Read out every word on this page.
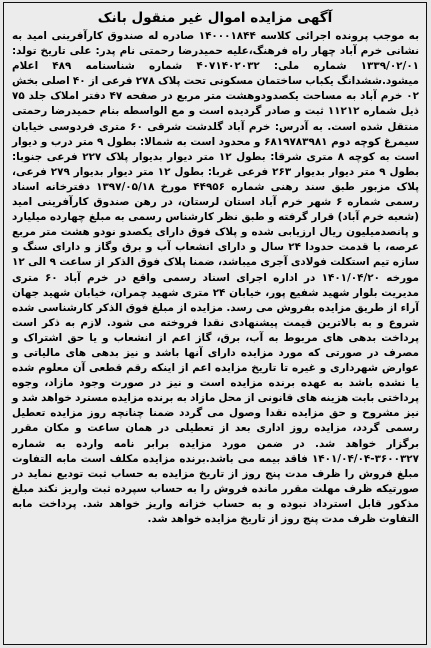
آگهی مزایده اموال غیر منقول بانک

به موجب پرونده اجرائی کلاسه ۱۴۰۰۰۱۸۴۴ صادره له صندوق کارآفرینی امید به نشانی خرم آباد چهار راه فرهنگ،علیه حمیدرضا رحمتی نام پدر: علی تاریخ تولد: ۱۳۳۹/۰۲/۰۱ شماره ملی: ۴۰۷۱۴۰۲۰۳۲ شماره شناسنامه ۴۸۹ اعلام میشود.ششدانگ یکباب ساختمان مسکونی تحت پلاک ۲۷۸ فرعی از ۴۰ اصلی بخش ۰۲ خرم آباد به مساحت یکصدودوهشت متر مربع در صفحه ۴۷ دفتر املاک جلد ۷۵ ذیل شماره ۱۱۲۱۲ ثبت و صادر گردیده است و مع الواسطه بنام حمیدرضا رحمتی منتقل شده است. به آدرس: خرم آباد گلدشت شرقی ۶۰ متری فردوسی خیابان سیمرغ کوچه دوم ۶۸۱۹۷۸۳۹۸۱ و محدود است به شمالا: بطول ۹ متر درب و دیوار است به کوچه ۸ متری شرقا: بطول ۱۲ متر دیوار بدیوار پلاک ۲۲۷ فرعی جنوبا: بطول ۹ متر دیوار بدیوار ۲۶۳ فرعی غربا: بطول ۱۲ متر دیوار بدیوار ۲۷۹ فرعی، پلاک مزبور طبق سند رهنی شماره ۴۴۹۵۶ مورخ ۱۳۹۷/۰۵/۱۸ دفترخانه اسناد رسمی شماره ۶ شهر خرم آباد استان لرستان، در رهن صندوق کارآفرینی امید (شعبه خرم آباد) قرار گرفته و طبق نظر کارشناس رسمی به مبلغ چهارده میلیارد و پانصدمیلیون ریال ارزیابی شده و پلاک فوق دارای یکصدو نودو هشت متر مربع عرصه، با قدمت حدودا ۲۴ سال و دارای انشعاب آب و برق وگاز و دارای سنگ و سازه تیم استکلت فولادی آجری میباشد، ضمنا پلاک فوق الذکر از ساعت ۹ الی ۱۲ مورخه ۱۴۰۱/۰۴/۲۰ در اداره اجرای اسناد رسمی واقع در خرم آباد ۶۰ متری مدیریت بلوار شهید شفیع پور، خیابان ۲۴ متری شهید چمران، خیابان شهید جهان آراء از طریق مزایده بفروش می رسد. مزایده از مبلغ فوق الذکر کارشناسی شده شروع و به بالاترین قیمت پیشنهادی نقدا فروخته می شود. لازم به ذکر است پرداخت بدهی های مربوط به آب، برق، گاز اعم از انشعاب و یا حق اشتراک و مصرف در صورتی که مورد مزایده دارای آنها باشد و نیز بدهی های مالیاتی و عوارض شهرداری و غیره تا تاریخ مزایده اعم از اینکه رقم قطعی آن معلوم شده یا نشده باشد به عهده برنده مزایده است و نیز در صورت وجود مازاد، وجوه پرداختی بابت هزینه های قانونی از محل مازاد به برنده مزایده مسترد خواهد شد و نیز مشروح و حق مزایده نقدا وصول می گردد ضمنا چنانچه روز مزایده تعطیل رسمی گردد، مزایده روز اداری بعد از تعطیلی در همان ساعت و مکان مقرر برگزار خواهد شد. در ضمن مورد مزایده برابر نامه وارده به شماره ۳۶۰۰۳۲۷-۱۴۰۱/۰۴/۰۴ فاقد بیمه می باشد.برنده مزایده مکلف است مابه التفاوت مبلغ فروش را ظرف مدت پنج روز از تاریخ مزایده به حساب ثبت تودیع نماید در صورتیکه ظرف مهلت مقرر مانده فروش را به حساب سپرده ثبت واریز نکند مبلغ مذکور قابل استرداد نبوده و به حساب خزانه واریز خواهد شد. پرداخت مابه التفاوت ظرف مدت پنج روز از تاریخ مزایده خواهد شد.
